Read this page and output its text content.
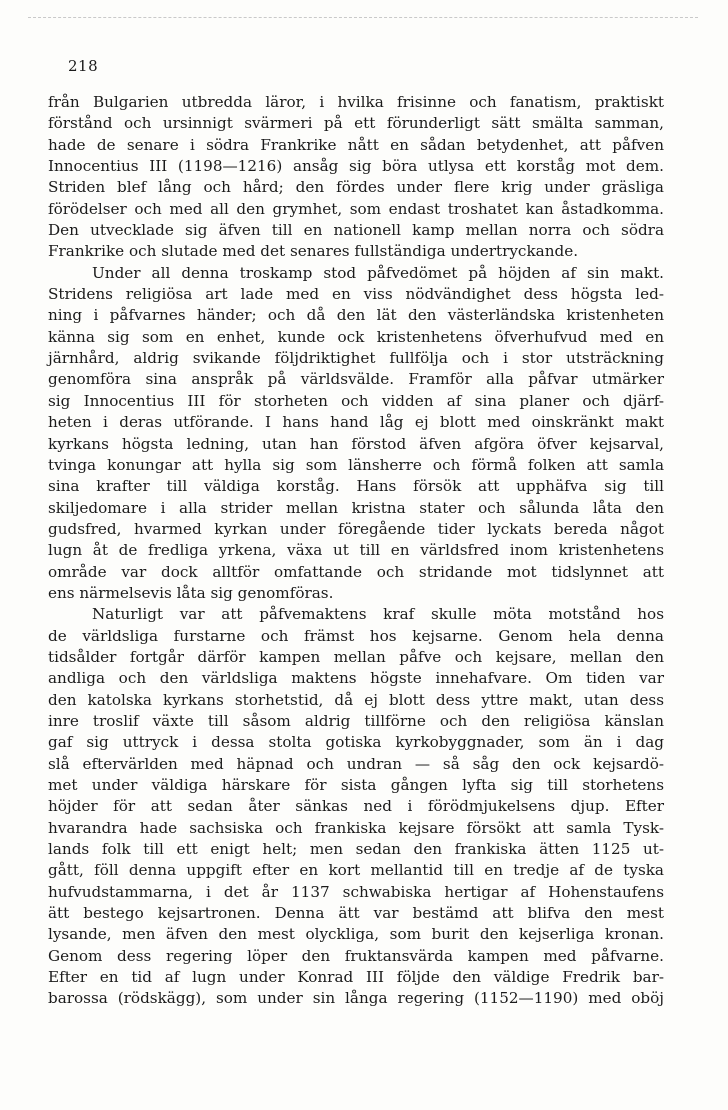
218
från Bulgarien utbredda läror, i hvilka frisinne och fanatism, praktiskt
förstånd och ursinnigt svärmeri på ett förunderligt sätt smälta samman,
hade de senare i södra Frankrike nått en sådan betydenhet, att påfven
Innocentius III (1198—1216) ansåg sig böra utlysa ett korståg mot dem.
Striden blef lång och hård; den fördes under flere krig under gräsliga
förödelser och med all den grymhet, som endast troshatet kan åstadkomma.
Den utvecklade sig äfven till en nationell kamp mellan norra och södra
Frankrike och slutade med det senares fullständiga undertryckande.
Under all denna troskamp stod påfvedömet på höjden af sin makt.
Stridens religiösa art lade med en viss nödvändighet dess högsta led-
ning i påfvarnes händer; och då den lät den västerländska kristenheten
känna sig som en enhet, kunde ock kristenhetens öfverhufvud med en
järnhård, aldrig svikande följdriktighet fullfölja och i stor utsträckning
genomföra sina anspråk på världsvälde. Framför alla påfvar utmärker
sig Innocentius III för storheten och vidden af sina planer och djärf-
heten i deras utförande. I hans hand låg ej blott med oinskränkt makt
kyrkans högsta ledning, utan han förstod äfven afgöra öfver kejsarval,
tvinga konungar att hylla sig som länsherre och förmå folken att samla
sina krafter till väldiga korståg. Hans försök att upphäfva sig till
skiljedomare i alla strider mellan kristna stater och sålunda låta den
gudsfred, hvarmed kyrkan under föregående tider lyckats bereda något
lugn åt de fredliga yrkena, växa ut till en världsfred inom kristenhetens
område var dock alltför omfattande och stridande mot tidslynnet att
ens närmelsevis låta sig genomföras.
Naturligt var att påfvemaktens kraf skulle möta motstånd hos
de världsliga furstarne och främst hos kejsarne. Genom hela denna
tidsålder fortgår därför kampen mellan påfve och kejsare, mellan den
andliga och den världsliga maktens högste innehafvare. Om tiden var
den katolska kyrkans storhetstid, då ej blott dess yttre makt, utan dess
inre troslif växte till såsom aldrig tillförne och den religiösa känslan
gaf sig uttryck i dessa stolta gotiska kyrkobyggnader, som än i dag
slå eftervärlden med häpnad och undran — så såg den ock kejsardö-
met under väldiga härskare för sista gången lyfta sig till storhetens
höjder för att sedan åter sänkas ned i förödmjukelsens djup. Efter
hvarandra hade sachsiska och frankiska kejsare försökt att samla Tysk-
lands folk till ett enigt helt; men sedan den frankiska ätten 1125 ut-
gått, föll denna uppgift efter en kort mellantid till en tredje af de tyska
hufvudstammarna, i det år 1137 schwabiska hertigar af Hohenstaufens
ätt bestego kejsartronen. Denna ätt var bestämd att blifva den mest
lysande, men äfven den mest olyckliga, som burit den kejserliga kronan.
Genom dess regering löper den fruktansvärda kampen med påfvarne.
Efter en tid af lugn under Konrad III följde den väldige Fredrik bar-
barossa (rödskägg), som under sin långa regering (1152—1190) med oböj
